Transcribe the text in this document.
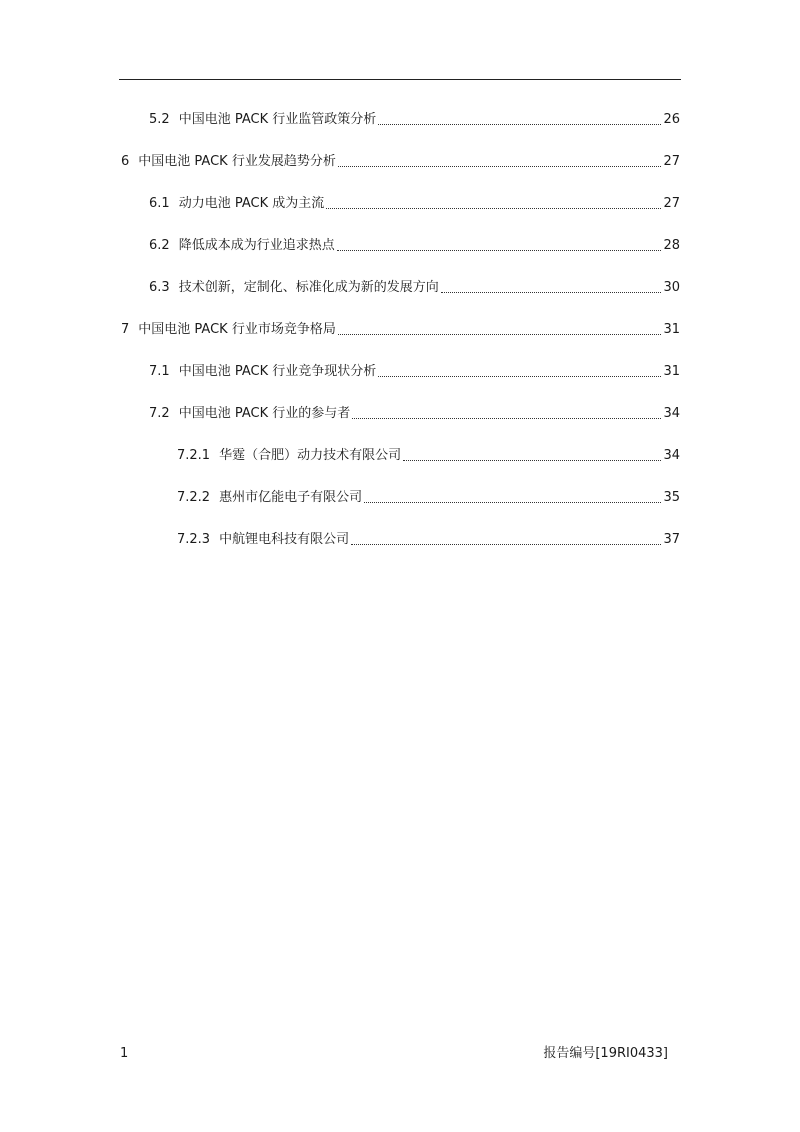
5.2 中国电池 PACK 行业监管政策分析	26
6 中国电池 PACK 行业发展趋势分析	27
6.1 动力电池 PACK 成为主流	27
6.2 降低成本成为行业追求热点	28
6.3 技术创新，定制化、标准化成为新的发展方向	30
7 中国电池 PACK 行业市场竞争格局	31
7.1 中国电池 PACK 行业竞争现状分析	31
7.2 中国电池 PACK 行业的参与者	34
7.2.1 华霆（合肥）动力技术有限公司	34
7.2.2 惠州市亿能电子有限公司	35
7.2.3 中航锂电科技有限公司	37
1	报告编号[19RI0433]
